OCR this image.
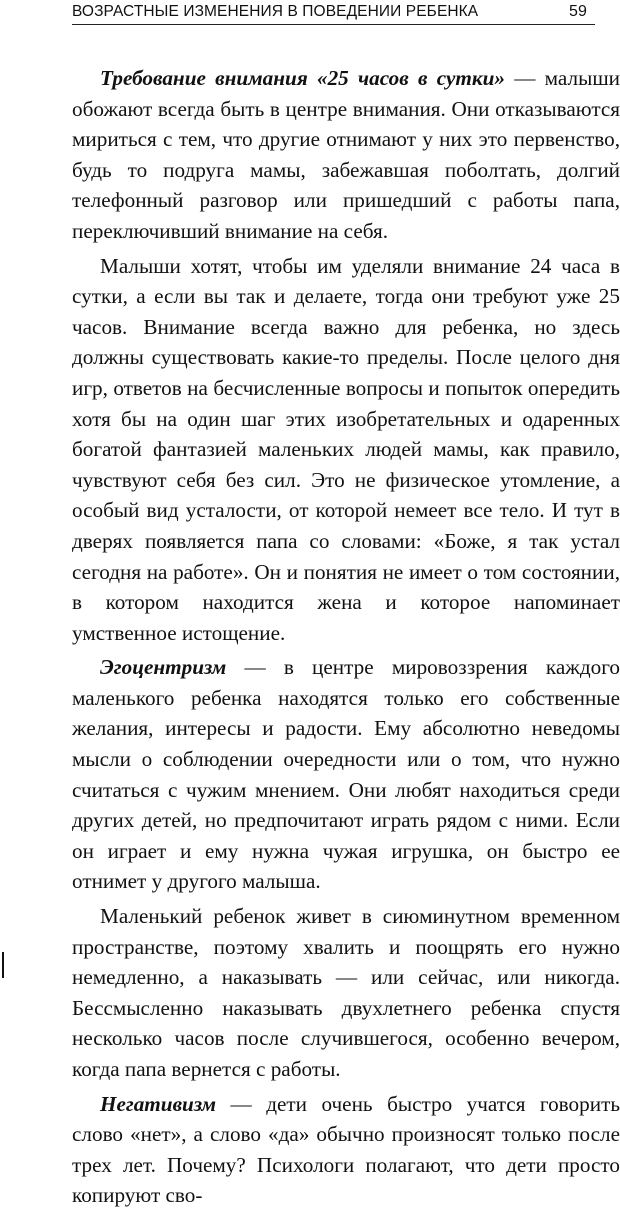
ВОЗРАСТНЫЕ ИЗМЕНЕНИЯ В ПОВЕДЕНИИ РЕБЕНКА	59

Требование внимания «25 часов в сутки» — малыши обожают всегда быть в центре внимания. Они отказываются мириться с тем, что другие отнимают у них это первенство, будь то подруга мамы, забежавшая поболтать, долгий телефонный разговор или пришедший с работы папа, переключивший внимание на себя.

Малыши хотят, чтобы им уделяли внимание 24 часа в сутки, а если вы так и делаете, тогда они требуют уже 25 часов. Внимание всегда важно для ребенка, но здесь должны существовать какие-то пределы. После целого дня игр, ответов на бесчисленные вопросы и попыток опередить хотя бы на один шаг этих изобретательных и одаренных богатой фантазией маленьких людей мамы, как правило, чувствуют себя без сил. Это не физическое утомление, а особый вид усталости, от которой немеет все тело. И тут в дверях появляется папа со словами: «Боже, я так устал сегодня на работе». Он и понятия не имеет о том состоянии, в котором находится жена и которое напоминает умственное истощение.

Эгоцентризм — в центре мировоззрения каждого маленького ребенка находятся только его собственные желания, интересы и радости. Ему абсолютно неведомы мысли о соблюдении очередности или о том, что нужно считаться с чужим мнением. Они любят находиться среди других детей, но предпочитают играть рядом с ними. Если он играет и ему нужна чужая игрушка, он быстро ее отнимет у другого малыша.

Маленький ребенок живет в сиюминутном временном пространстве, поэтому хвалить и поощрять его нужно немедленно, а наказывать — или сейчас, или никогда. Бессмысленно наказывать двухлетнего ребенка спустя несколько часов после случившегося, особенно вечером, когда папа вернется с работы.

Негативизм — дети очень быстро учатся говорить слово «нет», а слово «да» обычно произносят только после трех лет. Почему? Психологи полагают, что дети просто копируют сво-
